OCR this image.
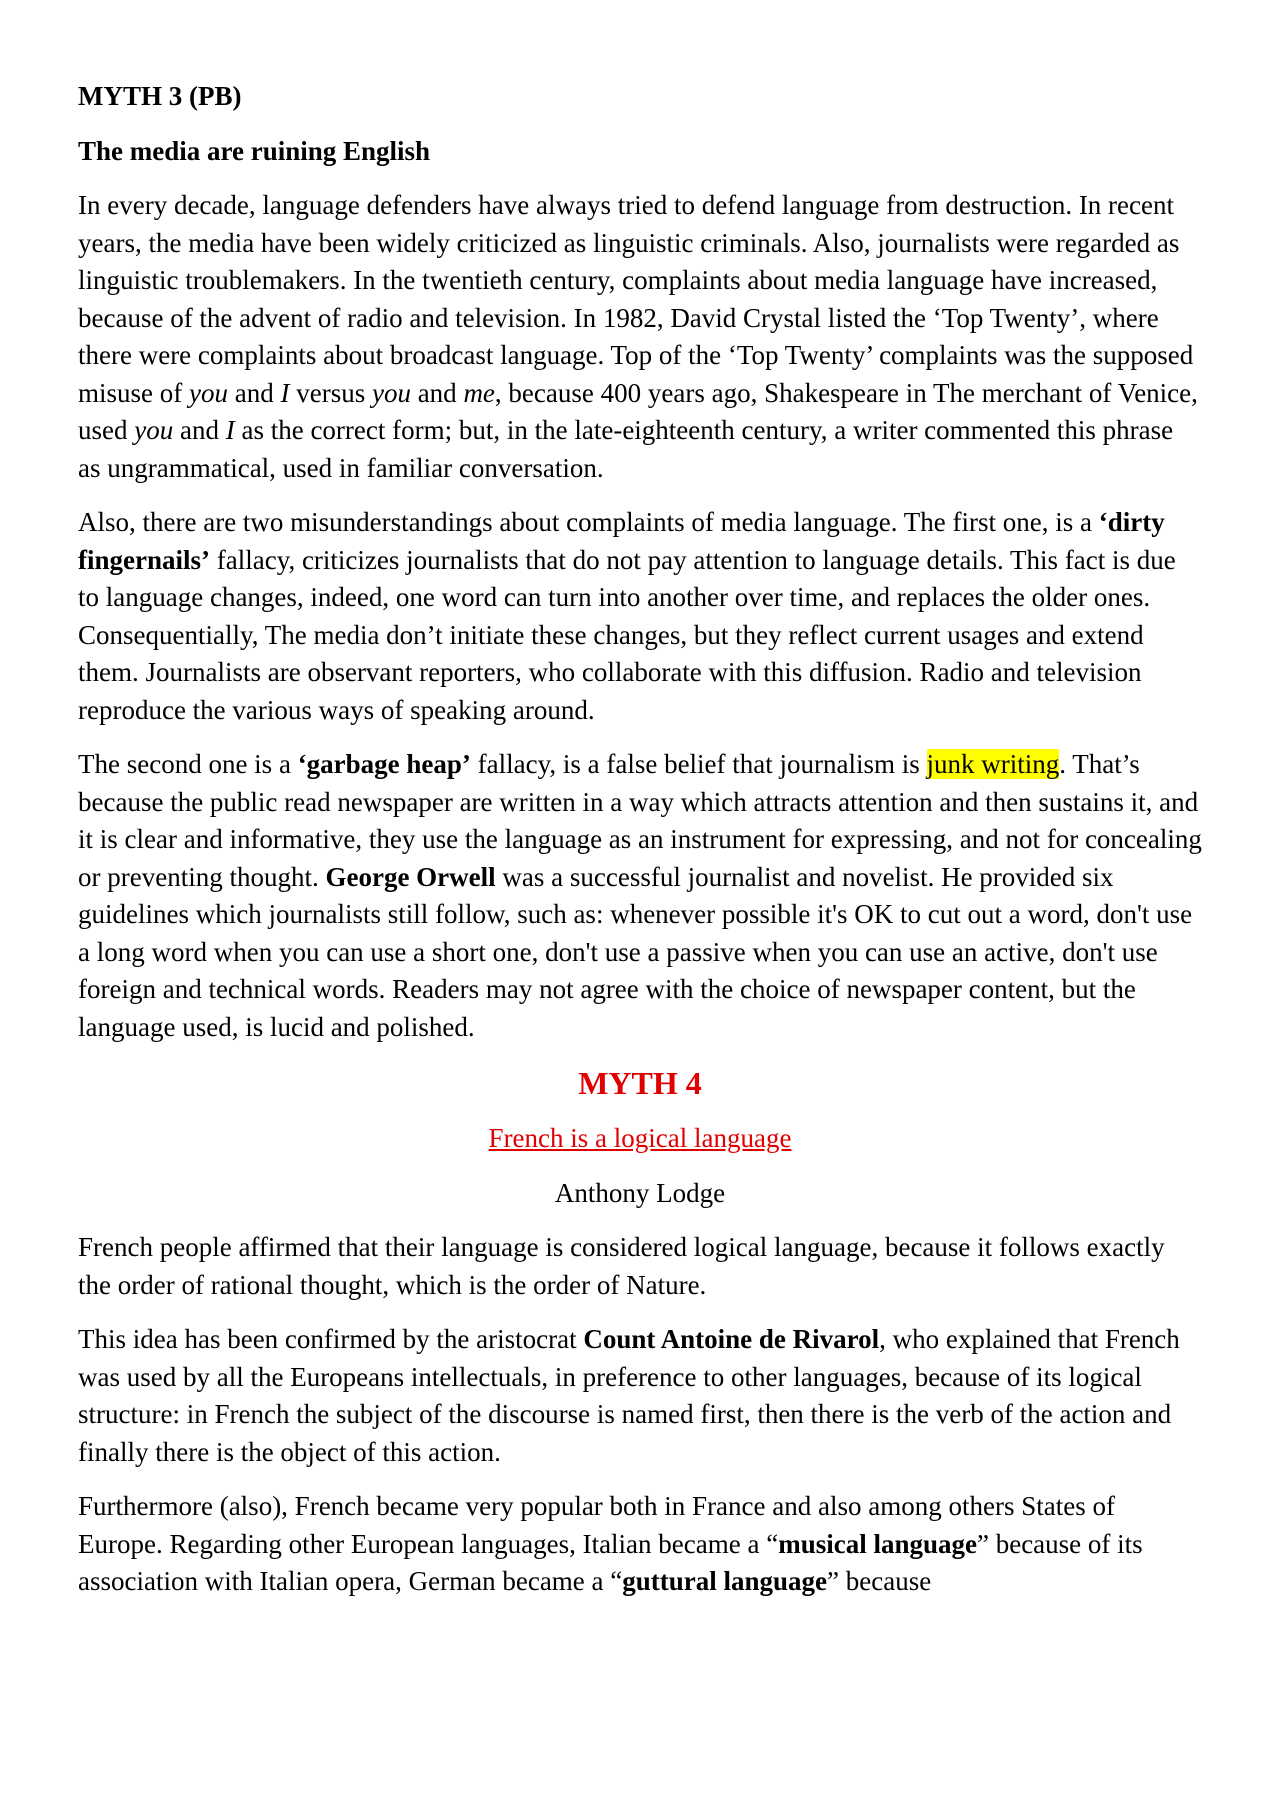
MYTH 3 (PB)

The media are ruining English

In every decade, language defenders have always tried to defend language from destruction. In recent years, the media have been widely criticized as linguistic criminals. Also, journalists were regarded as linguistic troublemakers. In the twentieth century, complaints about media language have increased, because of the advent of radio and television. In 1982, David Crystal listed the ‘Top Twenty’, where there were complaints about broadcast language. Top of the ‘Top Twenty’ complaints was the supposed misuse of you and I versus you and me, because 400 years ago, Shakespeare in The merchant of Venice, used you and I as the correct form; but, in the late-eighteenth century, a writer commented this phrase as ungrammatical, used in familiar conversation.

Also, there are two misunderstandings about complaints of media language. The first one, is a ‘dirty fingernails’ fallacy, criticizes journalists that do not pay attention to language details. This fact is due to language changes, indeed, one word can turn into another over time, and replaces the older ones. Consequentially, The media don’t initiate these changes, but they reflect current usages and extend them. Journalists are observant reporters, who collaborate with this diffusion. Radio and television reproduce the various ways of speaking around.

The second one is a ‘garbage heap’ fallacy, is a false belief that journalism is junk writing. That’s because the public read newspaper are written in a way which attracts attention and then sustains it, and it is clear and informative, they use the language as an instrument for expressing, and not for concealing or preventing thought. George Orwell was a successful journalist and novelist. He provided six guidelines which journalists still follow, such as: whenever possible it's OK to cut out a word, don't use a long word when you can use a short one, don't use a passive when you can use an active, don't use foreign and technical words. Readers may not agree with the choice of newspaper content, but the language used, is lucid and polished.

MYTH 4

French is a logical language

Anthony Lodge

French people affirmed that their language is considered logical language, because it follows exactly the order of rational thought, which is the order of Nature.

This idea has been confirmed by the aristocrat Count Antoine de Rivarol, who explained that French was used by all the Europeans intellectuals, in preference to other languages, because of its logical structure: in French the subject of the discourse is named first, then there is the verb of the action and finally there is the object of this action.

Furthermore (also), French became very popular both in France and also among others States of Europe. Regarding other European languages, Italian became a “musical language” because of its association with Italian opera, German became a “guttural language” because
